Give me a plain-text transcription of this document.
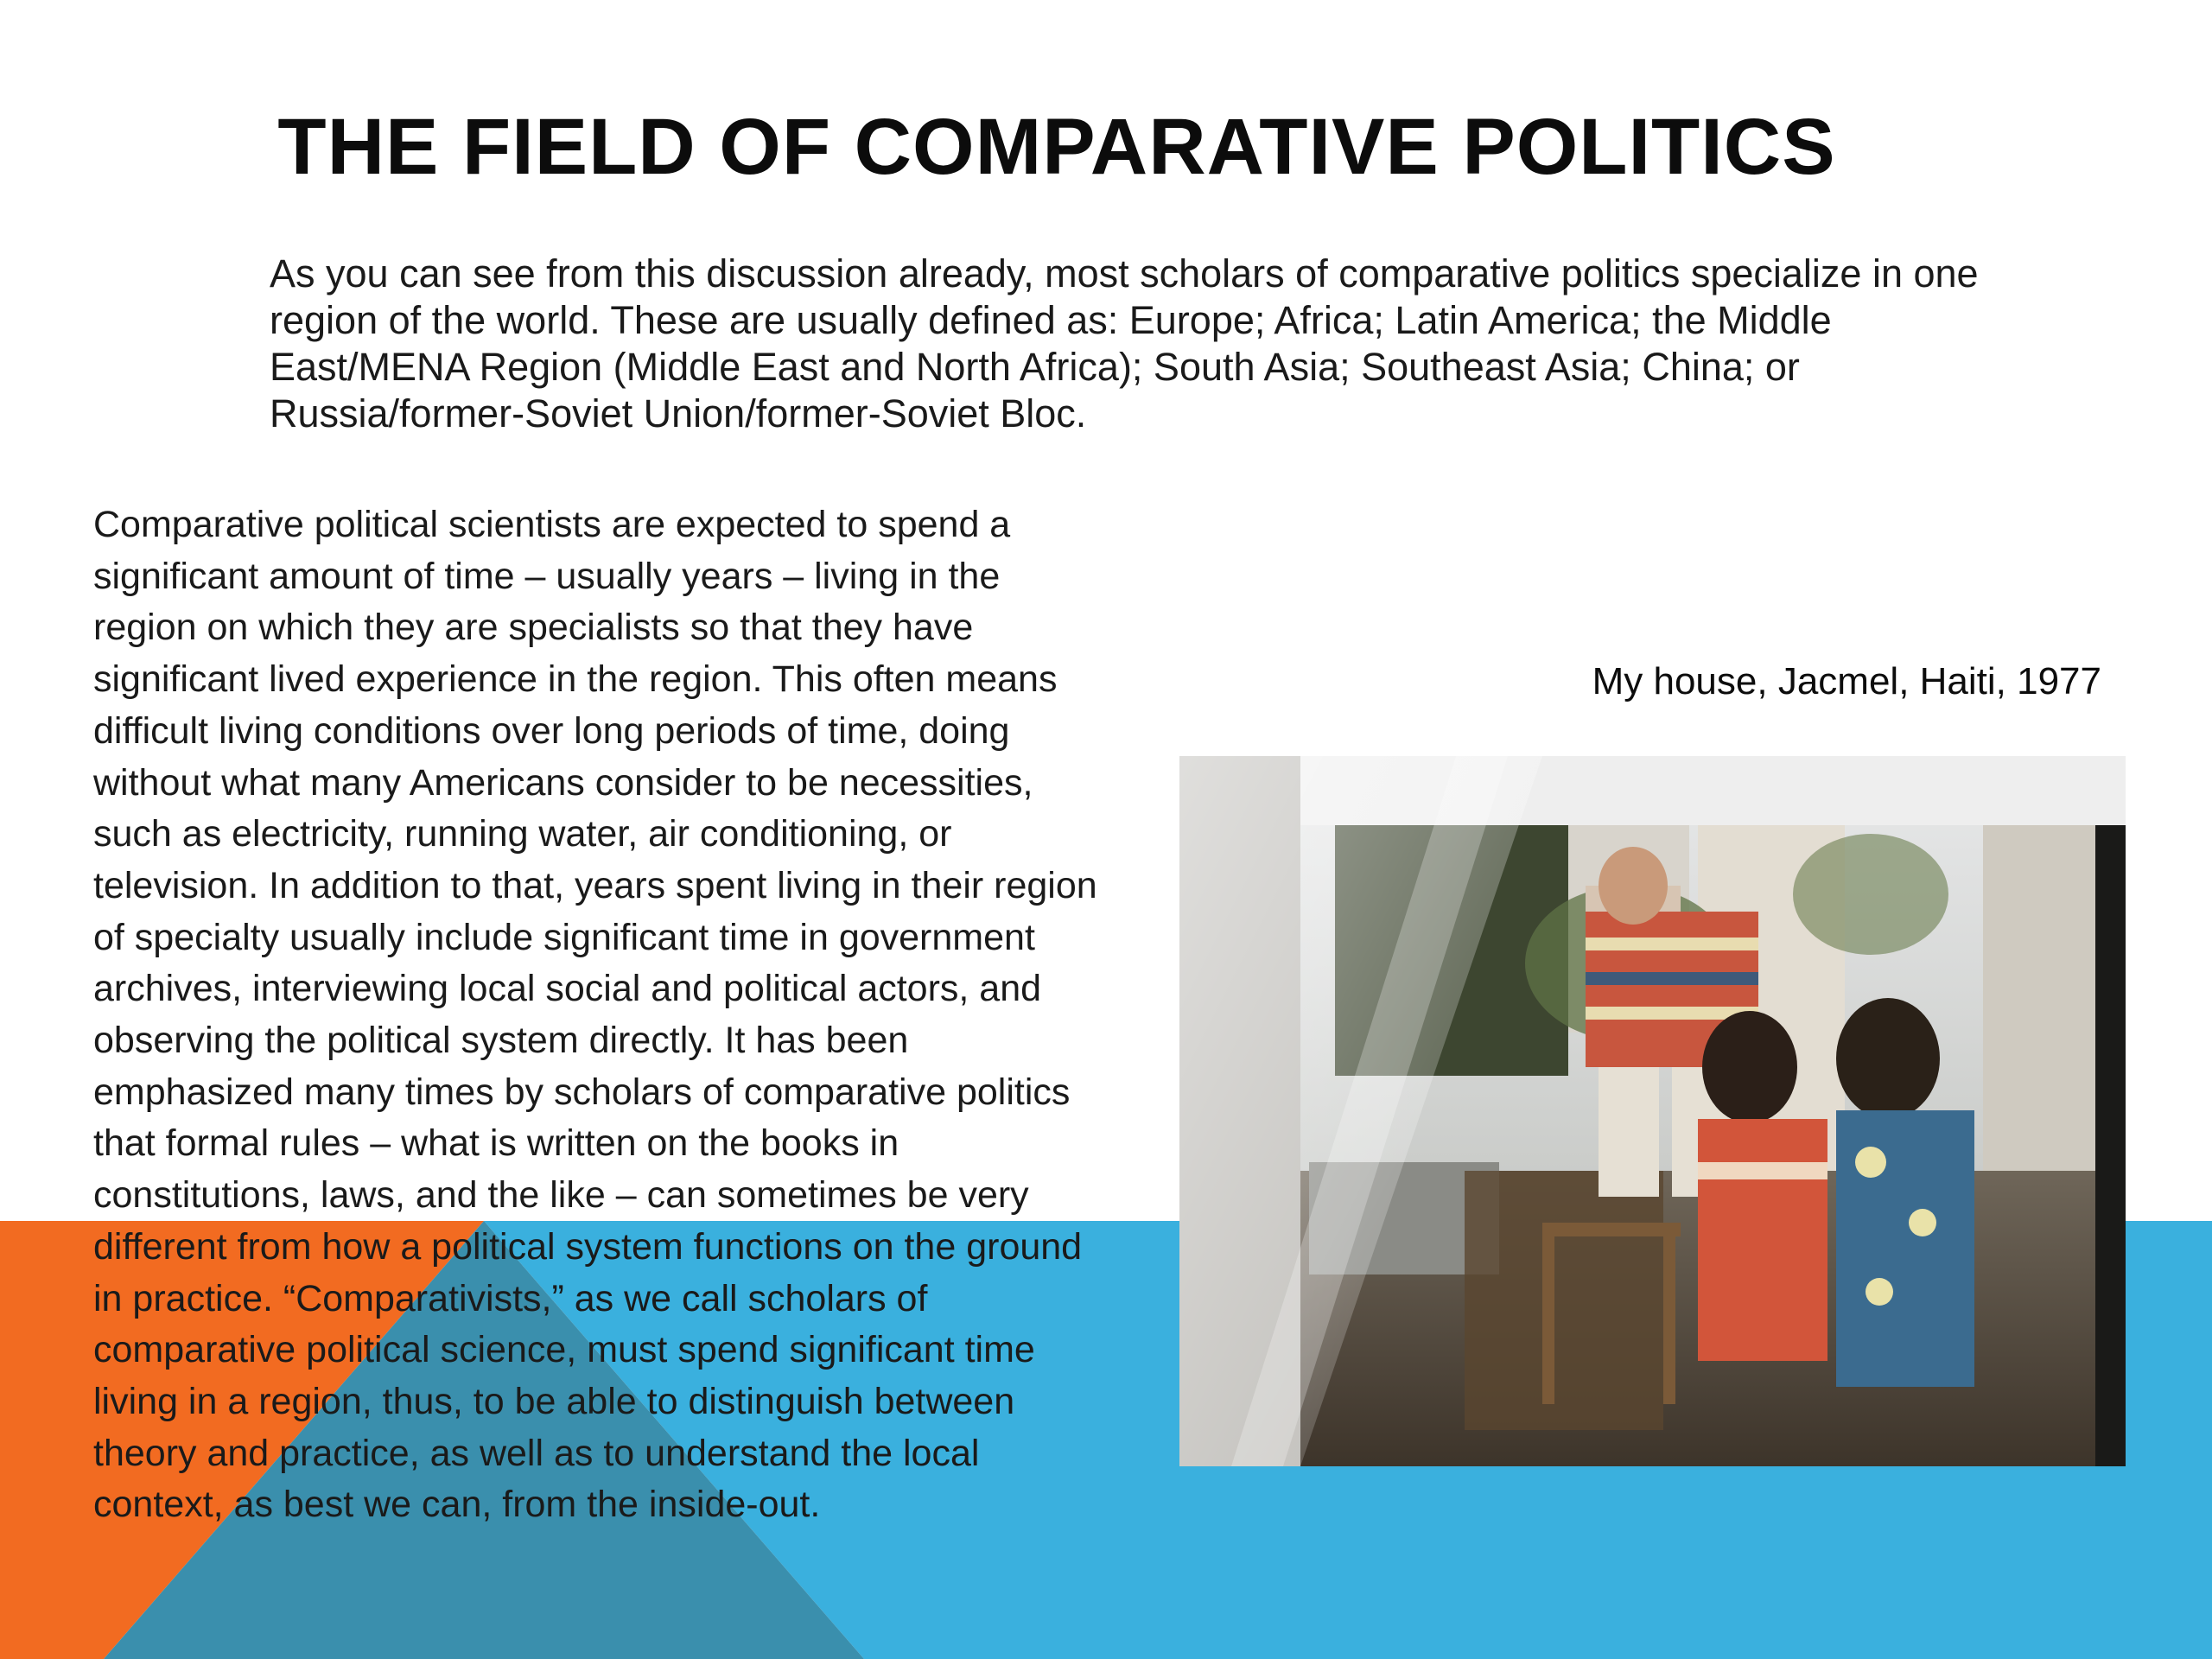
THE FIELD OF COMPARATIVE POLITICS

As you can see from this discussion already, most scholars of comparative politics specialize in one region of the world. These are usually defined as: Europe; Africa; Latin America; the Middle East/MENA Region (Middle East and North Africa); South Asia; Southeast Asia; China; or Russia/former-Soviet Union/former-Soviet Bloc.

Comparative political scientists are expected to spend a significant amount of time – usually years – living in the region on which they are specialists so that they have significant lived experience in the region. This often means difficult living conditions over long periods of time, doing without what many Americans consider to be necessities, such as electricity, running water, air conditioning, or television. In addition to that, years spent living in their region of specialty usually include significant time in government archives, interviewing local social and political actors, and observing the political system directly. It has been emphasized many times by scholars of comparative politics that formal rules – what is written on the books in constitutions, laws, and the like – can sometimes be very different from how a political system functions on the ground in practice. “Comparativists,” as we call scholars of comparative political science, must spend significant time living in a region, thus, to be able to distinguish between theory and practice, as well as to understand the local context, as best we can, from the inside-out.

My house, Jacmel, Haiti, 1977
